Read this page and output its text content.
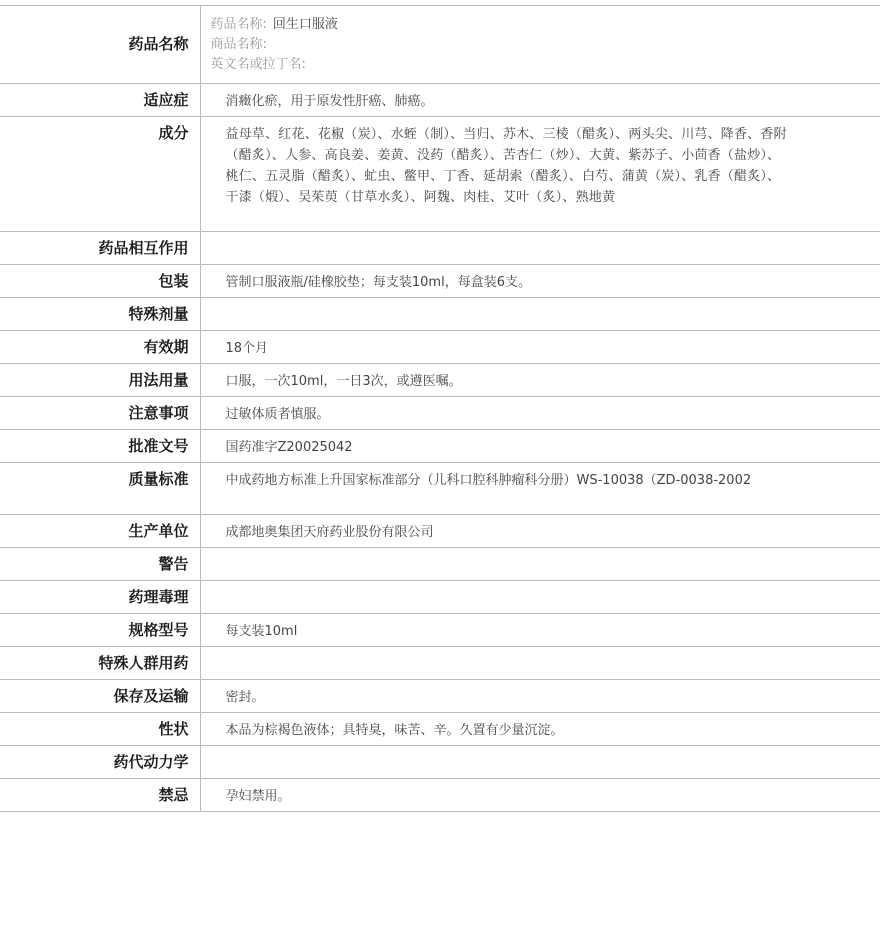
药品名称	药品名称: 回生口服液
商品名称:
英文名或拉丁名:

适应症	消癥化瘀，用于原发性肝癌、肺癌。
成分	益母草、红花、花椒（炭）、水蛭（制）、当归、苏木、三棱（醋炙）、两头尖、川芎、降香、香附（醋炙）、人参、高良姜、姜黄、没药（醋炙）、苦杏仁（炒）、大黄、紫苏子、小茴香（盐炒）、桃仁、五灵脂（醋炙）、虻虫、鳖甲、丁香、延胡索（醋炙）、白芍、蒲黄（炭）、乳香（醋炙）、干漆（煅）、吴茱萸（甘草水炙）、阿魏、肉桂、艾叶（炙）、熟地黄
药品相互作用	
包装	管制口服液瓶/硅橡胶垫；每支装10ml，每盒装6支。
特殊剂量	
有效期	18个月
用法用量	口服，一次10ml，一日3次，或遵医嘱。
注意事项	过敏体质者慎服。
批准文号	国药准字Z20025042
质量标准	中成药地方标准上升国家标准部分（儿科口腔科肿瘤科分册）WS-10038（ZD-0038-2002
生产单位	成都地奥集团天府药业股份有限公司
警告	
药理毒理	
规格型号	每支装10ml
特殊人群用药	
保存及运输	密封。
性状	本品为棕褐色液体；具特臭，味苦、辛。久置有少量沉淀。
药代动力学	
禁忌	孕妇禁用。
